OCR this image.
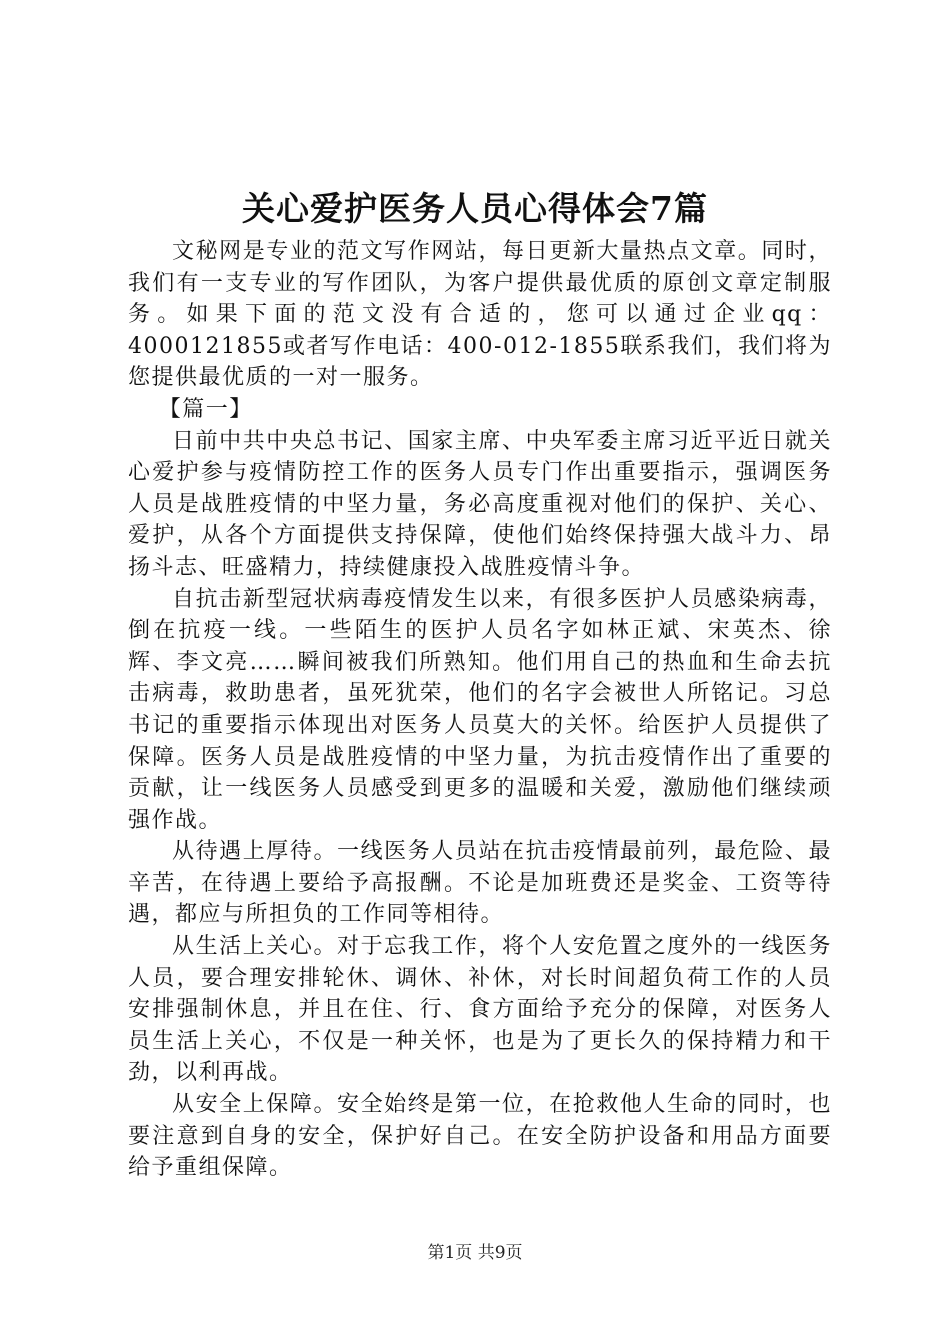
关心爱护医务人员心得体会7篇

文秘网是专业的范文写作网站，每日更新大量热点文章。同时，我们有一支专业的写作团队，为客户提供最优质的原创文章定制服务。如果下面的范文没有合适的，您可以通过企业qq：4000121855或者写作电话：400-012-1855联系我们，我们将为您提供最优质的一对一服务。

【篇一】

日前中共中央总书记、国家主席、中央军委主席习近平近日就关心爱护参与疫情防控工作的医务人员专门作出重要指示，强调医务人员是战胜疫情的中坚力量，务必高度重视对他们的保护、关心、爱护，从各个方面提供支持保障，使他们始终保持强大战斗力、昂扬斗志、旺盛精力，持续健康投入战胜疫情斗争。

自抗击新型冠状病毒疫情发生以来，有很多医护人员感染病毒，倒在抗疫一线。一些陌生的医护人员名字如林正斌、宋英杰、徐辉、李文亮……瞬间被我们所熟知。他们用自己的热血和生命去抗击病毒，救助患者，虽死犹荣，他们的名字会被世人所铭记。习总书记的重要指示体现出对医务人员莫大的关怀。给医护人员提供了保障。医务人员是战胜疫情的中坚力量，为抗击疫情作出了重要的贡献，让一线医务人员感受到更多的温暖和关爱，激励他们继续顽强作战。

从待遇上厚待。一线医务人员站在抗击疫情最前列，最危险、最辛苦，在待遇上要给予高报酬。不论是加班费还是奖金、工资等待遇，都应与所担负的工作同等相待。

从生活上关心。对于忘我工作，将个人安危置之度外的一线医务人员，要合理安排轮休、调休、补休，对长时间超负荷工作的人员安排强制休息，并且在住、行、食方面给予充分的保障，对医务人员生活上关心，不仅是一种关怀，也是为了更长久的保持精力和干劲，以利再战。

从安全上保障。安全始终是第一位，在抢救他人生命的同时，也要注意到自身的安全，保护好自己。在安全防护设备和用品方面要给予重组保障。

第1页 共9页
